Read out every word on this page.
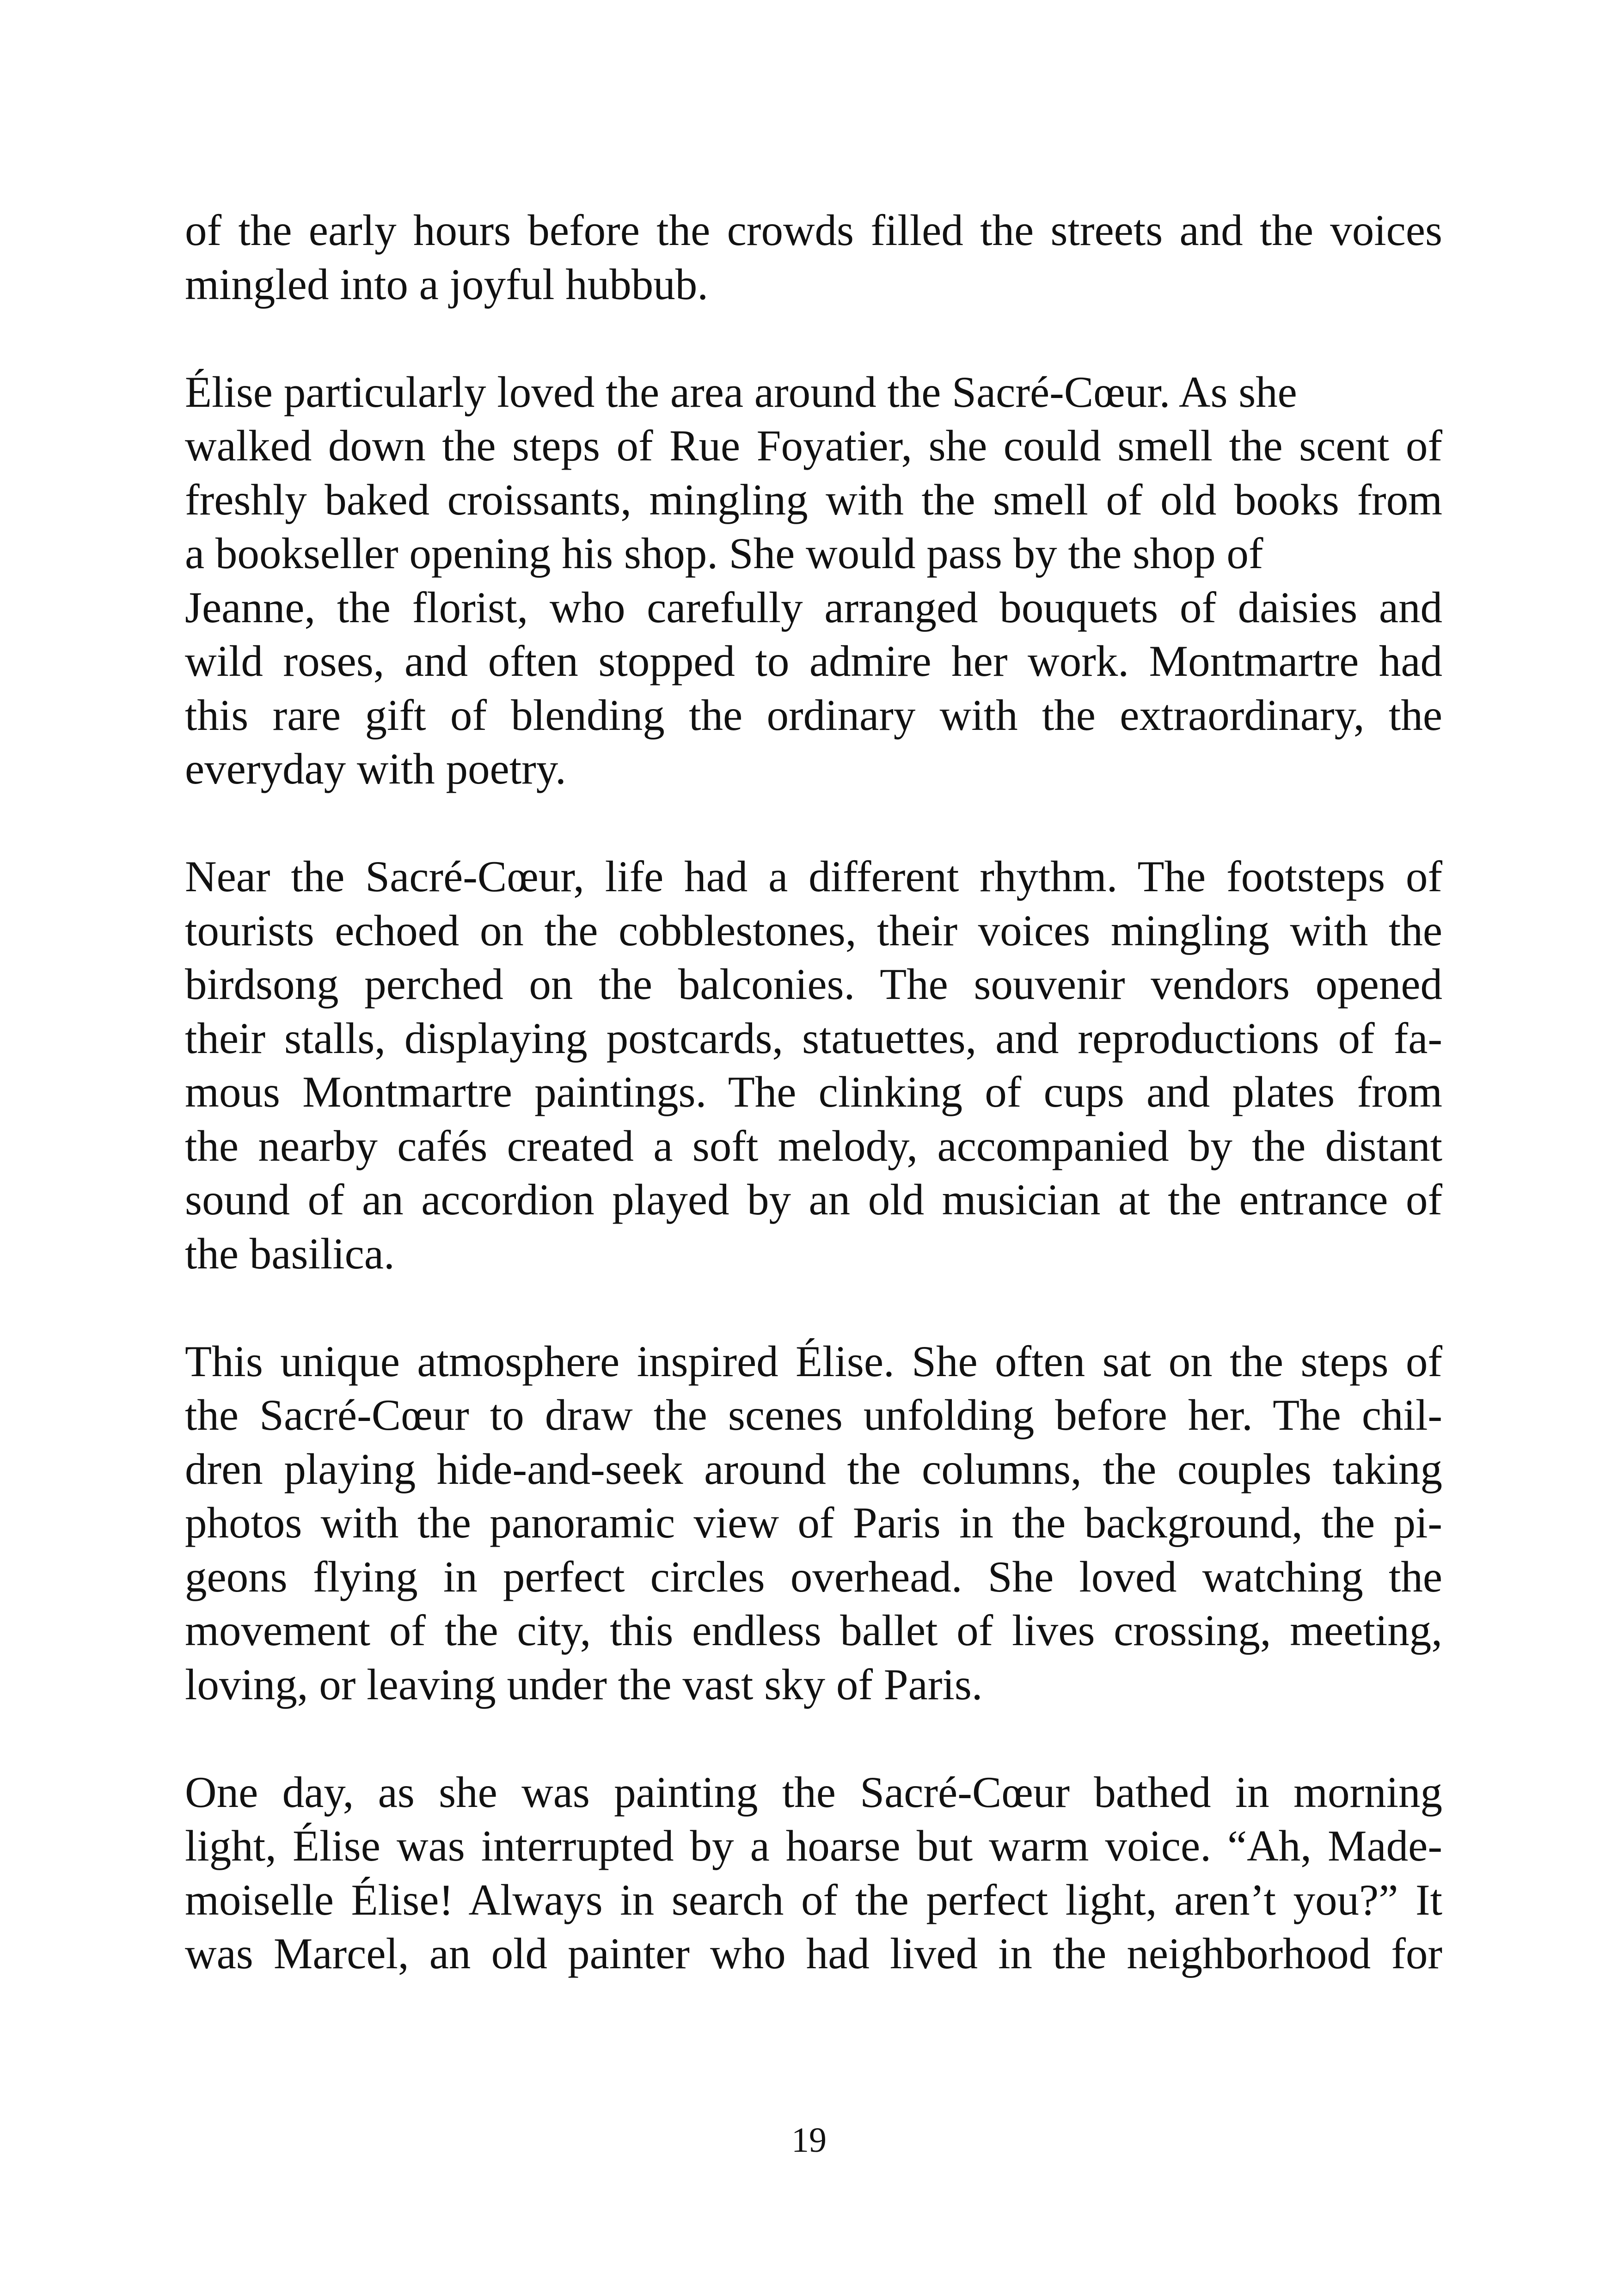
of the early hours before the crowds filled the streets and the voices
mingled into a joyful hubbub.
Élise particularly loved the area around the Sacré-Cœur. As she
walked down the steps of Rue Foyatier, she could smell the scent of
freshly baked croissants, mingling with the smell of old books from
a bookseller opening his shop. She would pass by the shop of
Jeanne, the florist, who carefully arranged bouquets of daisies and
wild roses, and often stopped to admire her work. Montmartre had
this rare gift of blending the ordinary with the extraordinary, the
everyday with poetry.
Near the Sacré-Cœur, life had a different rhythm. The footsteps of
tourists echoed on the cobblestones, their voices mingling with the
birdsong perched on the balconies. The souvenir vendors opened
their stalls, displaying postcards, statuettes, and reproductions of fa-
mous Montmartre paintings. The clinking of cups and plates from
the nearby cafés created a soft melody, accompanied by the distant
sound of an accordion played by an old musician at the entrance of
the basilica.
This unique atmosphere inspired Élise. She often sat on the steps of
the Sacré-Cœur to draw the scenes unfolding before her. The chil-
dren playing hide-and-seek around the columns, the couples taking
photos with the panoramic view of Paris in the background, the pi-
geons flying in perfect circles overhead. She loved watching the
movement of the city, this endless ballet of lives crossing, meeting,
loving, or leaving under the vast sky of Paris.
One day, as she was painting the Sacré-Cœur bathed in morning
light, Élise was interrupted by a hoarse but warm voice. “Ah, Made-
moiselle Élise! Always in search of the perfect light, aren’t you?” It
was Marcel, an old painter who had lived in the neighborhood for
19
